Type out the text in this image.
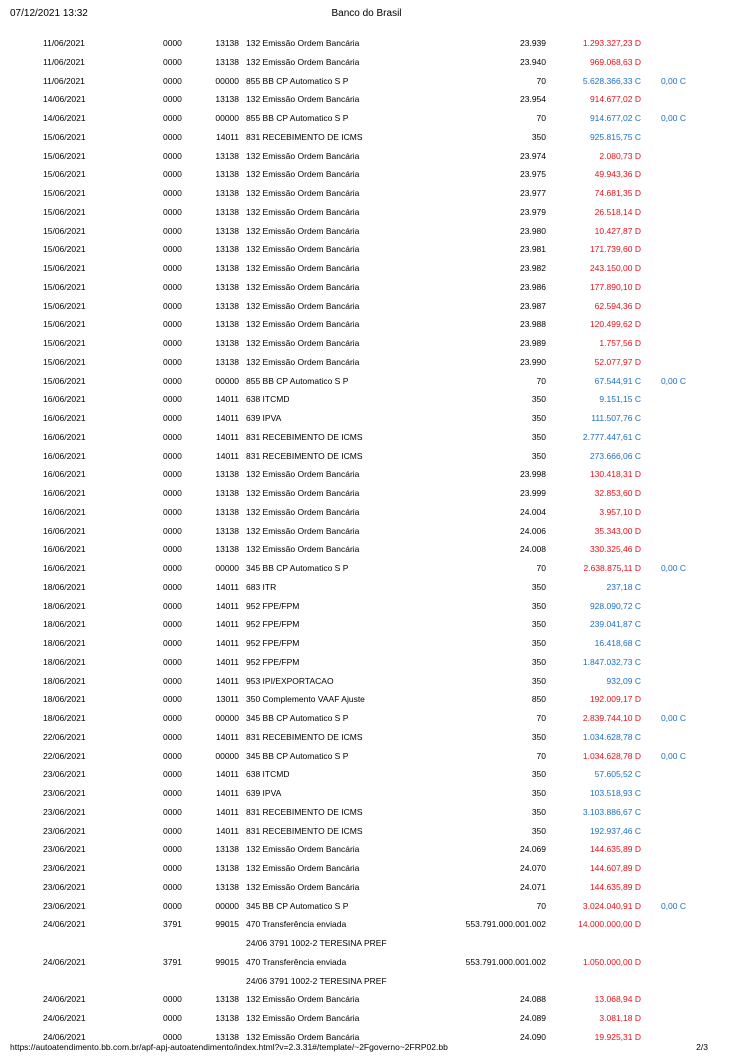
07/12/2021 13:32	Banco do Brasil
11/06/2021	0000	13138 132 Emissão Ordem Bancária	23.939	1.293.327,23 D
11/06/2021	0000	13138 132 Emissão Ordem Bancária	23.940	969.068,63 D
11/06/2021	0000	00000 855 BB CP Automatico S P	70	5.628.366,33 C	0,00 C
14/06/2021	0000	13138 132 Emissão Ordem Bancária	23.954	914.677,02 D
14/06/2021	0000	00000 855 BB CP Automatico S P	70	914.677,02 C	0,00 C
15/06/2021	0000	14011 831 RECEBIMENTO DE ICMS	350	925.815,75 C
15/06/2021	0000	13138 132 Emissão Ordem Bancária	23.974	2.080,73 D
15/06/2021	0000	13138 132 Emissão Ordem Bancária	23.975	49.943,36 D
15/06/2021	0000	13138 132 Emissão Ordem Bancária	23.977	74.681,35 D
15/06/2021	0000	13138 132 Emissão Ordem Bancária	23.979	26.518,14 D
15/06/2021	0000	13138 132 Emissão Ordem Bancária	23.980	10.427,87 D
15/06/2021	0000	13138 132 Emissão Ordem Bancária	23.981	171.739,60 D
15/06/2021	0000	13138 132 Emissão Ordem Bancária	23.982	243.150,00 D
15/06/2021	0000	13138 132 Emissão Ordem Bancária	23.986	177.890,10 D
15/06/2021	0000	13138 132 Emissão Ordem Bancária	23.987	62.594,36 D
15/06/2021	0000	13138 132 Emissão Ordem Bancária	23.988	120.499,62 D
15/06/2021	0000	13138 132 Emissão Ordem Bancária	23.989	1.757,56 D
15/06/2021	0000	13138 132 Emissão Ordem Bancária	23.990	52.077,97 D
15/06/2021	0000	00000 855 BB CP Automatico S P	70	67.544,91 C	0,00 C
16/06/2021	0000	14011 638 ITCMD	350	9.151,15 C
16/06/2021	0000	14011 639 IPVA	350	111.507,76 C
16/06/2021	0000	14011 831 RECEBIMENTO DE ICMS	350	2.777.447,61 C
16/06/2021	0000	14011 831 RECEBIMENTO DE ICMS	350	273.666,06 C
16/06/2021	0000	13138 132 Emissão Ordem Bancária	23.998	130.418,31 D
16/06/2021	0000	13138 132 Emissão Ordem Bancária	23.999	32.853,60 D
16/06/2021	0000	13138 132 Emissão Ordem Bancária	24.004	3.957,10 D
16/06/2021	0000	13138 132 Emissão Ordem Bancária	24.006	35.343,00 D
16/06/2021	0000	13138 132 Emissão Ordem Bancária	24.008	330.325,46 D
16/06/2021	0000	00000 345 BB CP Automatico S P	70	2.638.875,11 D	0,00 C
18/06/2021	0000	14011 683 ITR	350	237,18 C
18/06/2021	0000	14011 952 FPE/FPM	350	928.090,72 C
18/06/2021	0000	14011 952 FPE/FPM	350	239.041,87 C
18/06/2021	0000	14011 952 FPE/FPM	350	16.418,68 C
18/06/2021	0000	14011 952 FPE/FPM	350	1.847.032,73 C
18/06/2021	0000	14011 953 IPI/EXPORTACAO	350	932,09 C
18/06/2021	0000	13011 350 Complemento VAAF Ajuste	850	192.009,17 D
18/06/2021	0000	00000 345 BB CP Automatico S P	70	2.839.744,10 D	0,00 C
22/06/2021	0000	14011 831 RECEBIMENTO DE ICMS	350	1.034.628,78 C
22/06/2021	0000	00000 345 BB CP Automatico S P	70	1.034.628,78 D	0,00 C
23/06/2021	0000	14011 638 ITCMD	350	57.605,52 C
23/06/2021	0000	14011 639 IPVA	350	103.518,93 C
23/06/2021	0000	14011 831 RECEBIMENTO DE ICMS	350	3.103.886,67 C
23/06/2021	0000	14011 831 RECEBIMENTO DE ICMS	350	192.937,46 C
23/06/2021	0000	13138 132 Emissão Ordem Bancária	24.069	144.635,89 D
23/06/2021	0000	13138 132 Emissão Ordem Bancária	24.070	144.607,89 D
23/06/2021	0000	13138 132 Emissão Ordem Bancária	24.071	144.635,89 D
23/06/2021	0000	00000 345 BB CP Automatico S P	70	3.024.040,91 D	0,00 C
24/06/2021	3791	99015 470 Transferência enviada	553.791.000.001.002	14.000.000,00 D
24/06 3791 1002-2 TERESINA PREF
24/06/2021	3791	99015 470 Transferência enviada	553.791.000.001.002	1.050.000,00 D
24/06 3791 1002-2 TERESINA PREF
24/06/2021	0000	13138 132 Emissão Ordem Bancária	24.088	13.068,94 D
24/06/2021	0000	13138 132 Emissão Ordem Bancária	24.089	3.081,18 D
24/06/2021	0000	13138 132 Emissão Ordem Bancária	24.090	19.925,31 D
https://autoatendimento.bb.com.br/apf-apj-autoatendimento/index.html?v=2.3.31#/template/~2Fgoverno~2FRP02.bb	2/3
